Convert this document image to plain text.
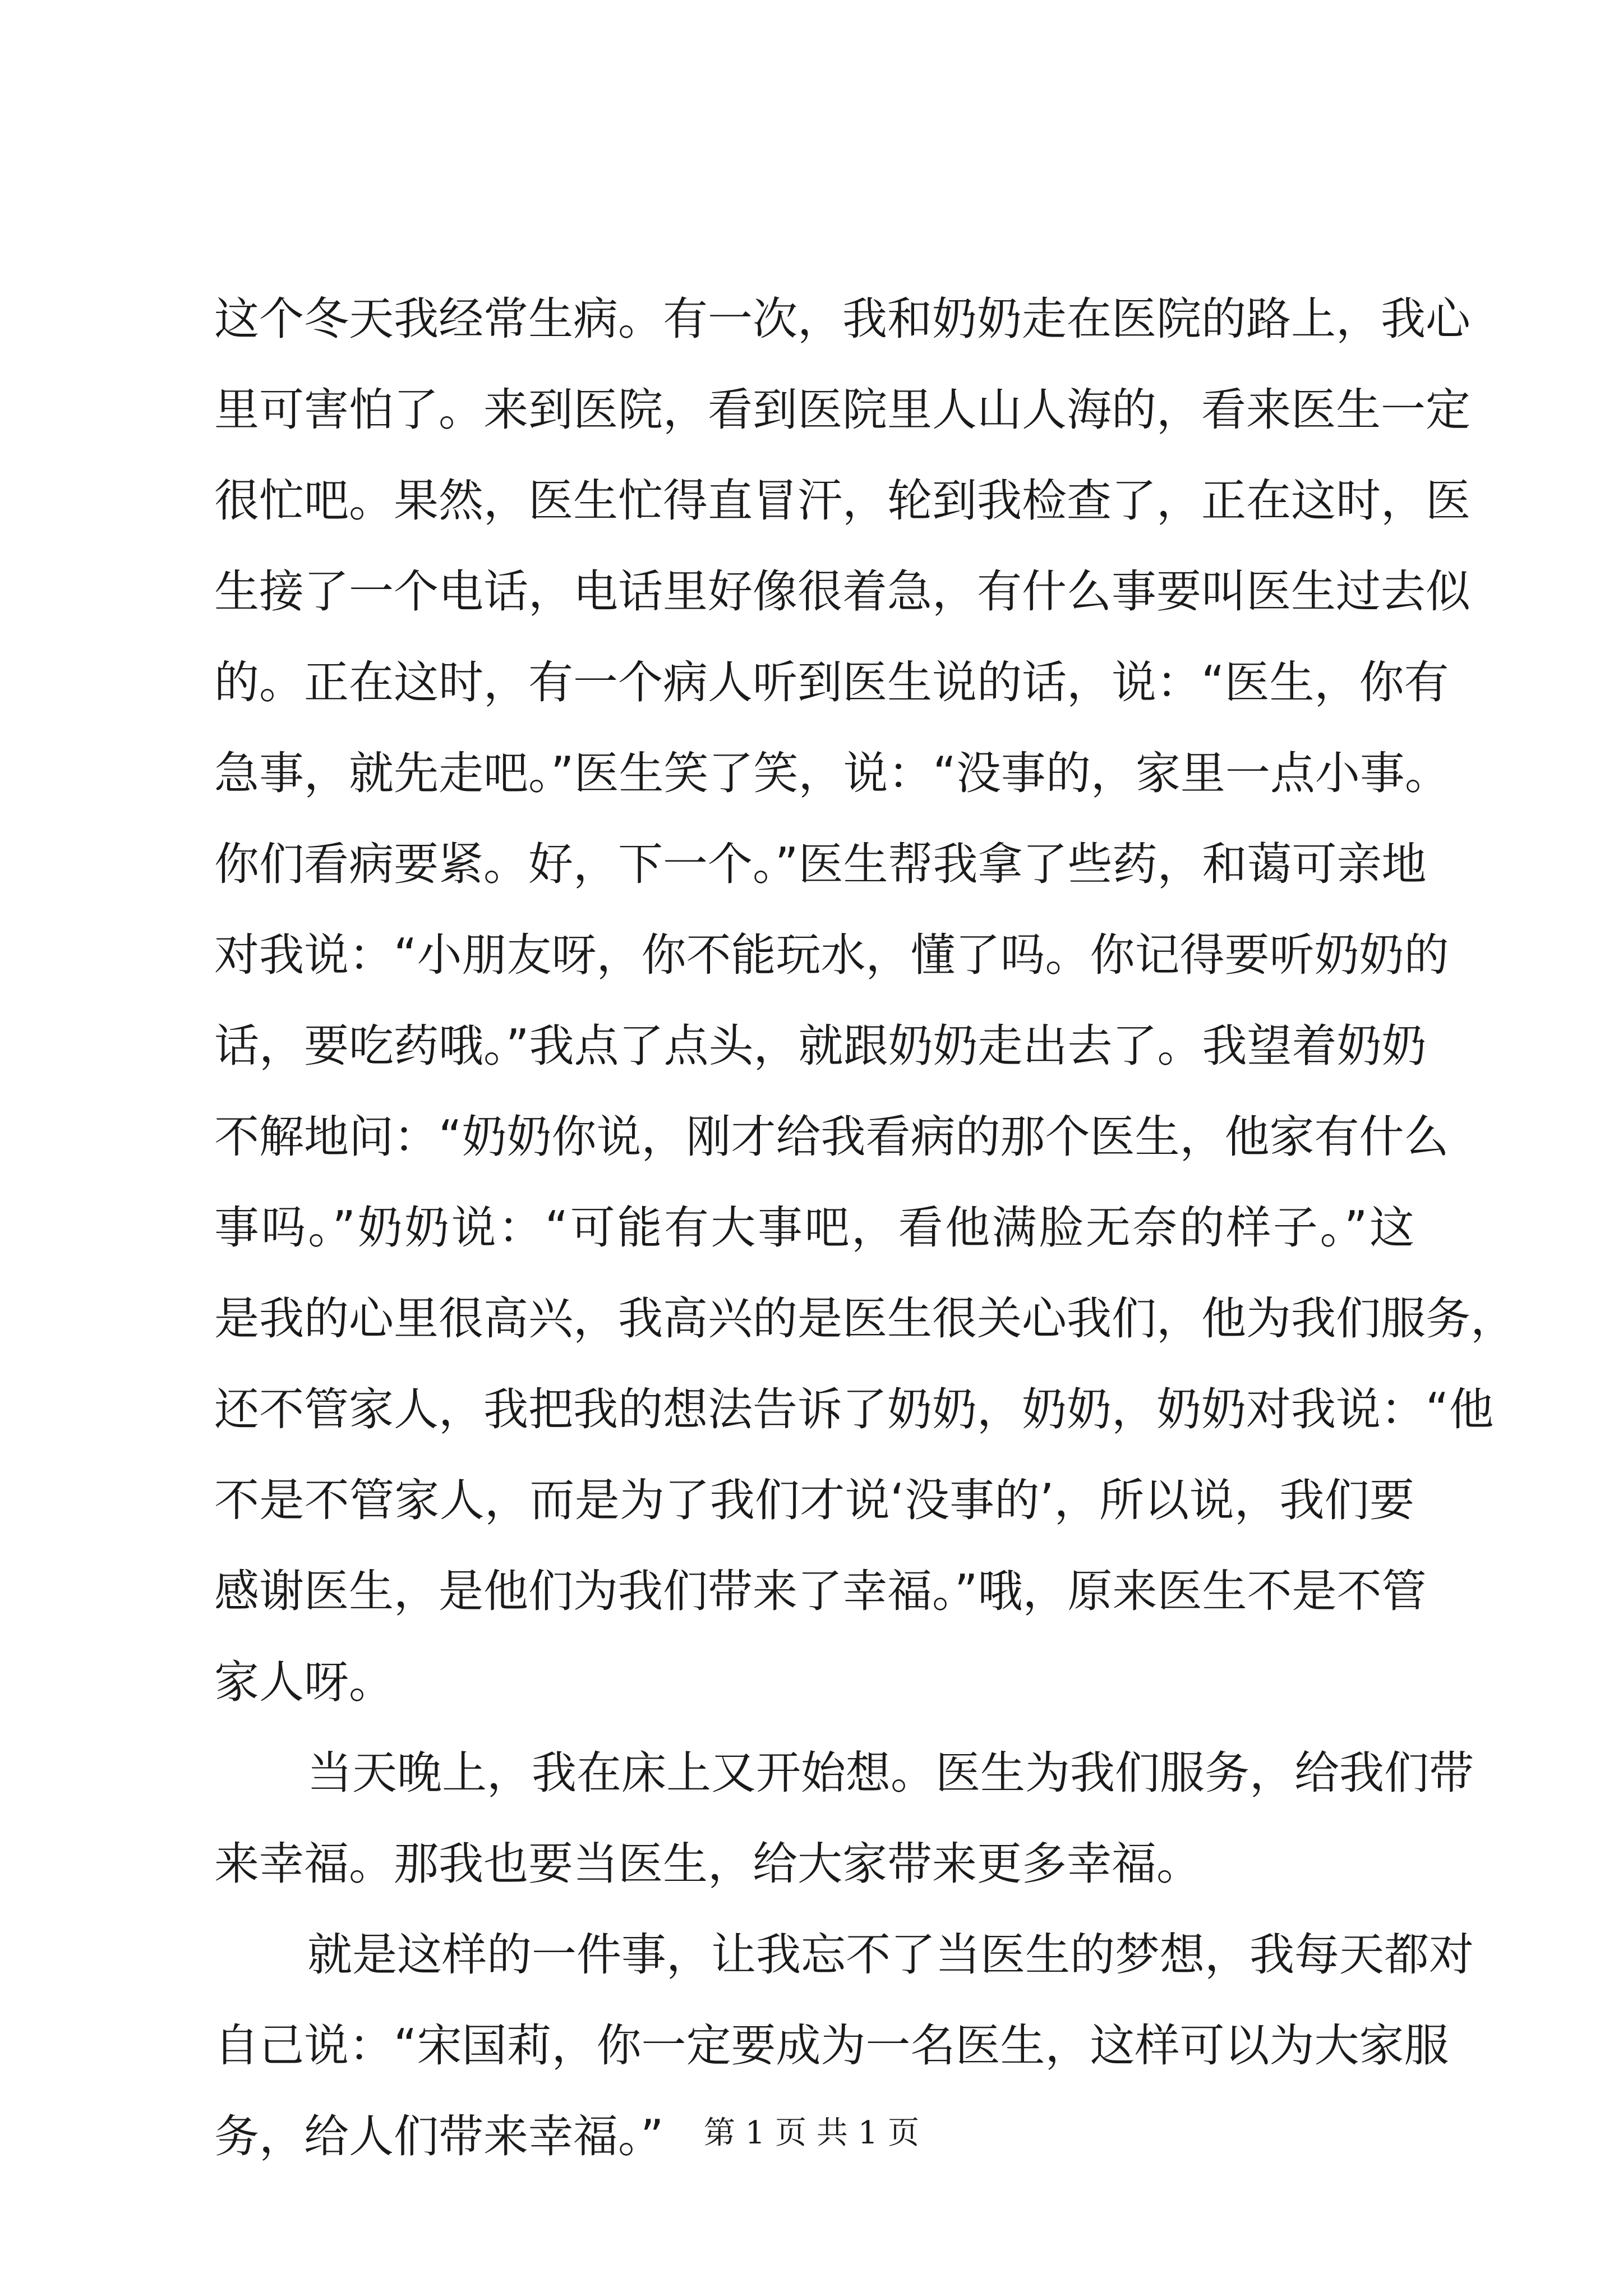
这个冬天我经常生病。有一次，我和奶奶走在医院的路上，我心
里可害怕了。来到医院，看到医院里人山人海的，看来医生一定
很忙吧。果然，医生忙得直冒汗，轮到我检查了，正在这时，医
生接了一个电话，电话里好像很着急，有什么事要叫医生过去似
的。正在这时，有一个病人听到医生说的话，说：“医生，你有
急事，就先走吧。”医生笑了笑，说：“没事的，家里一点小事。
你们看病要紧。好，下一个。”医生帮我拿了些药，和蔼可亲地
对我说：“小朋友呀，你不能玩水，懂了吗。你记得要听奶奶的
话，要吃药哦。”我点了点头，就跟奶奶走出去了。我望着奶奶
不解地问：“奶奶你说，刚才给我看病的那个医生，他家有什么
事吗。”奶奶说：“可能有大事吧，看他满脸无奈的样子。”这
是我的心里很高兴，我高兴的是医生很关心我们，他为我们服务，
还不管家人，我把我的想法告诉了奶奶，奶奶，奶奶对我说：“他
不是不管家人，而是为了我们才说‘没事的’，所以说，我们要
感谢医生，是他们为我们带来了幸福。”哦，原来医生不是不管
家人呀。
当天晚上，我在床上又开始想。医生为我们服务，给我们带
来幸福。那我也要当医生，给大家带来更多幸福。
就是这样的一件事，让我忘不了当医生的梦想，我每天都对
自己说：“宋国莉，你一定要成为一名医生，这样可以为大家服
务，给人们带来幸福。”	第 1 页 共 1 页
